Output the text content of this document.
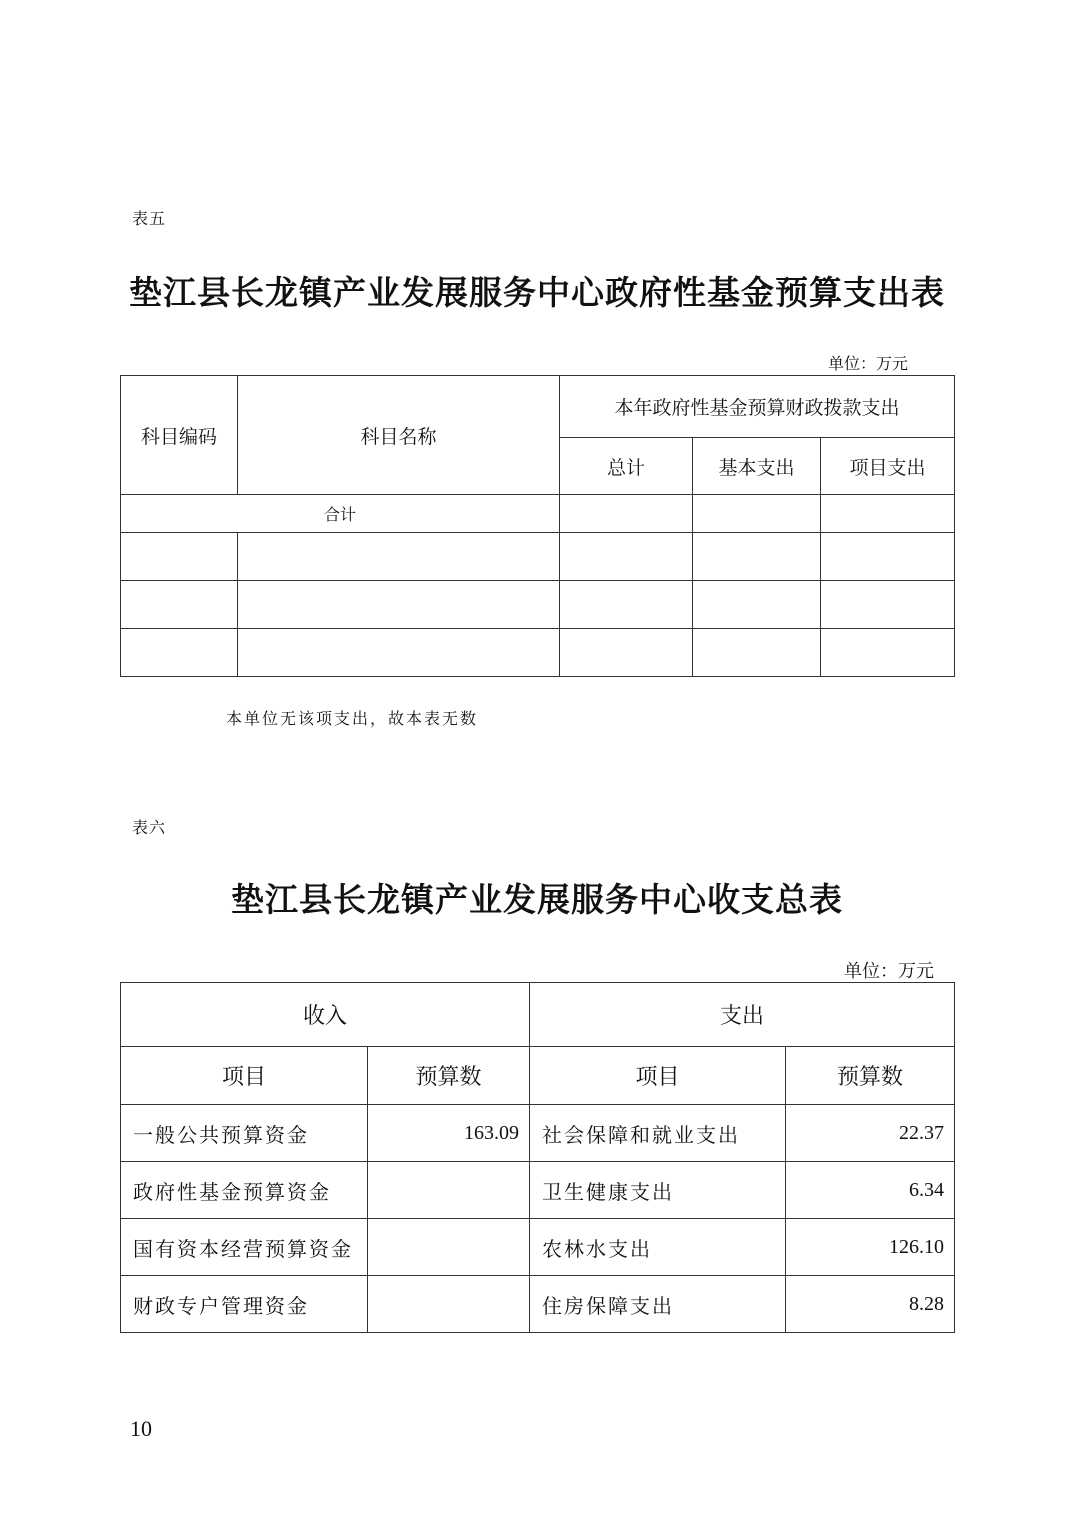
表五
垫江县长龙镇产业发展服务中心政府性基金预算支出表
单位：万元
科目编码	科目名称	本年政府性基金预算财政拨款支出		
		总计	基本支出	项目支出
合计				

本单位无该项支出，故本表无数
表六
垫江县长龙镇产业发展服务中心收支总表
单位：万元
收入		支出	
项目	预算数	项目	预算数
一般公共预算资金	163.09	社会保障和就业支出	22.37
政府性基金预算资金		卫生健康支出	6.34
国有资本经营预算资金		农林水支出	126.10
财政专户管理资金		住房保障支出	8.28
10
